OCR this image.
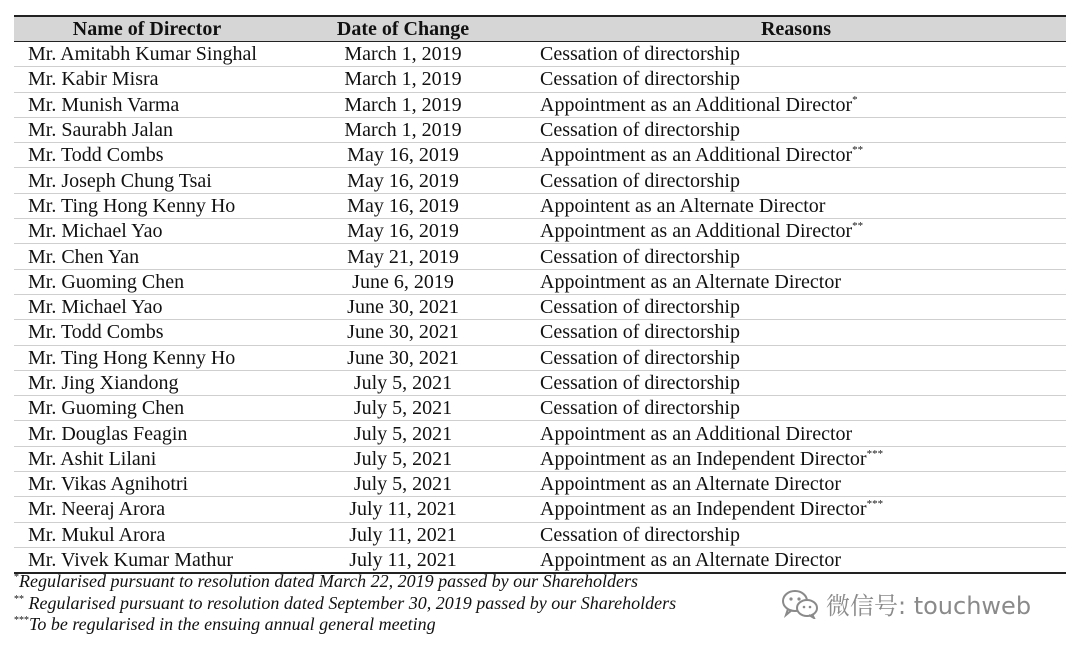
Name of Director	Date of Change	Reasons
Mr. Amitabh Kumar Singhal	March 1, 2019	Cessation of directorship
Mr. Kabir Misra	March 1, 2019	Cessation of directorship
Mr. Munish Varma	March 1, 2019	Appointment as an Additional Director*
Mr. Saurabh Jalan	March 1, 2019	Cessation of directorship
Mr. Todd Combs	May 16, 2019	Appointment as an Additional Director**
Mr. Joseph Chung Tsai	May 16, 2019	Cessation of directorship
Mr. Ting Hong Kenny Ho	May 16, 2019	Appointent as an Alternate Director
Mr. Michael Yao	May 16, 2019	Appointment as an Additional Director**
Mr. Chen Yan	May 21, 2019	Cessation of directorship
Mr. Guoming Chen	June 6, 2019	Appointment as an Alternate Director
Mr. Michael Yao	June 30, 2021	Cessation of directorship
Mr. Todd Combs	June 30, 2021	Cessation of directorship
Mr. Ting Hong Kenny Ho	June 30, 2021	Cessation of directorship
Mr. Jing Xiandong	July 5, 2021	Cessation of directorship
Mr. Guoming Chen	July 5, 2021	Cessation of directorship
Mr. Douglas Feagin	July 5, 2021	Appointment as an Additional Director
Mr. Ashit Lilani	July 5, 2021	Appointment as an Independent Director***
Mr. Vikas Agnihotri	July 5, 2021	Appointment as an Alternate Director
Mr. Neeraj Arora	July 11, 2021	Appointment as an Independent Director***
Mr. Mukul Arora	July 11, 2021	Cessation of directorship
Mr. Vivek Kumar Mathur	July 11, 2021	Appointment as an Alternate Director
*Regularised pursuant to resolution dated March 22, 2019 passed by our Shareholders
** Regularised pursuant to resolution dated September 30, 2019 passed by our Shareholders
***To be regularised in the ensuing annual general meeting
微信号: touchweb
